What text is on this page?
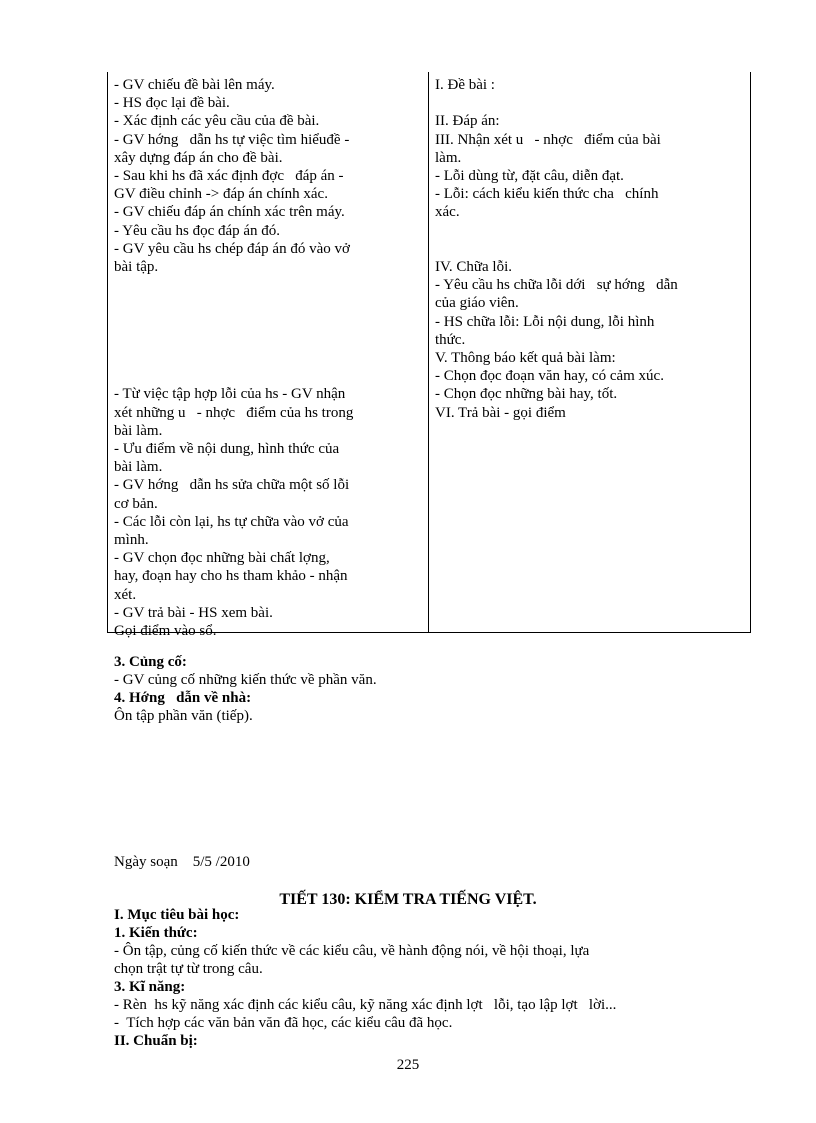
- GV chiếu đề bài lên máy.
- HS đọc lại đề bài.
- Xác định các yêu cầu của đề bài.
- GV hớng   dẫn hs tự việc tìm hiểuđề -
xây dựng đáp án cho đề bài.
- Sau khi hs đã xác định đợc   đáp án -
GV điều chỉnh -> đáp án chính xác.
- GV chiếu đáp án chính xác trên máy.
- Yêu cầu hs đọc đáp án đó.
- GV yêu cầu hs chép đáp án đó vào vở
bài tập.
- Từ việc tập hợp lỗi của hs - GV nhận
xét những u   - nhợc   điểm của hs trong
bài làm.
- Ưu điểm về nội dung, hình thức của
bài làm.
- GV hớng   dẫn hs sửa chữa một số lỗi
cơ bản.
- Các lỗi còn lại, hs tự chữa vào vở của
mình.
- GV chọn đọc những bài chất lợng,
hay, đoạn hay cho hs tham khảo - nhận
xét.
- GV trả bài - HS xem bài.
Gọi điểm vào sổ.
I. Đề bài :
II. Đáp án:
III. Nhận xét u   - nhợc   điểm của bài
làm.
- Lỗi dùng từ, đặt câu, diễn đạt.
- Lỗi: cách kiểu kiến thức cha   chính
xác.
IV. Chữa lỗi.
- Yêu cầu hs chữa lỗi dới   sự hớng   dẫn
của giáo viên.
- HS chữa lỗi: Lỗi nội dung, lỗi hình
thức.
V. Thông báo kết quả bài làm:
- Chọn đọc đoạn văn hay, có cảm xúc.
- Chọn đọc những bài hay, tốt.
VI. Trả bài - gọi điểm
3. Củng cố:
- GV củng cố những kiến thức về phần văn.
4. Hớng   dẫn về nhà:
Ôn tập phần văn (tiếp).
Ngày soạn    5/5 /2010
TIẾT 130: KIỂM TRA TIẾNG VIỆT.
I. Mục tiêu bài học:
1. Kiến thức:
- Ôn tập, củng cố kiến thức về các kiểu câu, về hành động nói, về hội thoại, lựa
chọn trật tự từ trong câu.
3. Kĩ năng:
- Rèn  hs kỹ năng xác định các kiểu câu, kỹ năng xác định lợt   lỗi, tạo lập lợt   lời...
-  Tích hợp các văn bản văn đã học, các kiểu câu đã học.
II. Chuẩn bị:
225
